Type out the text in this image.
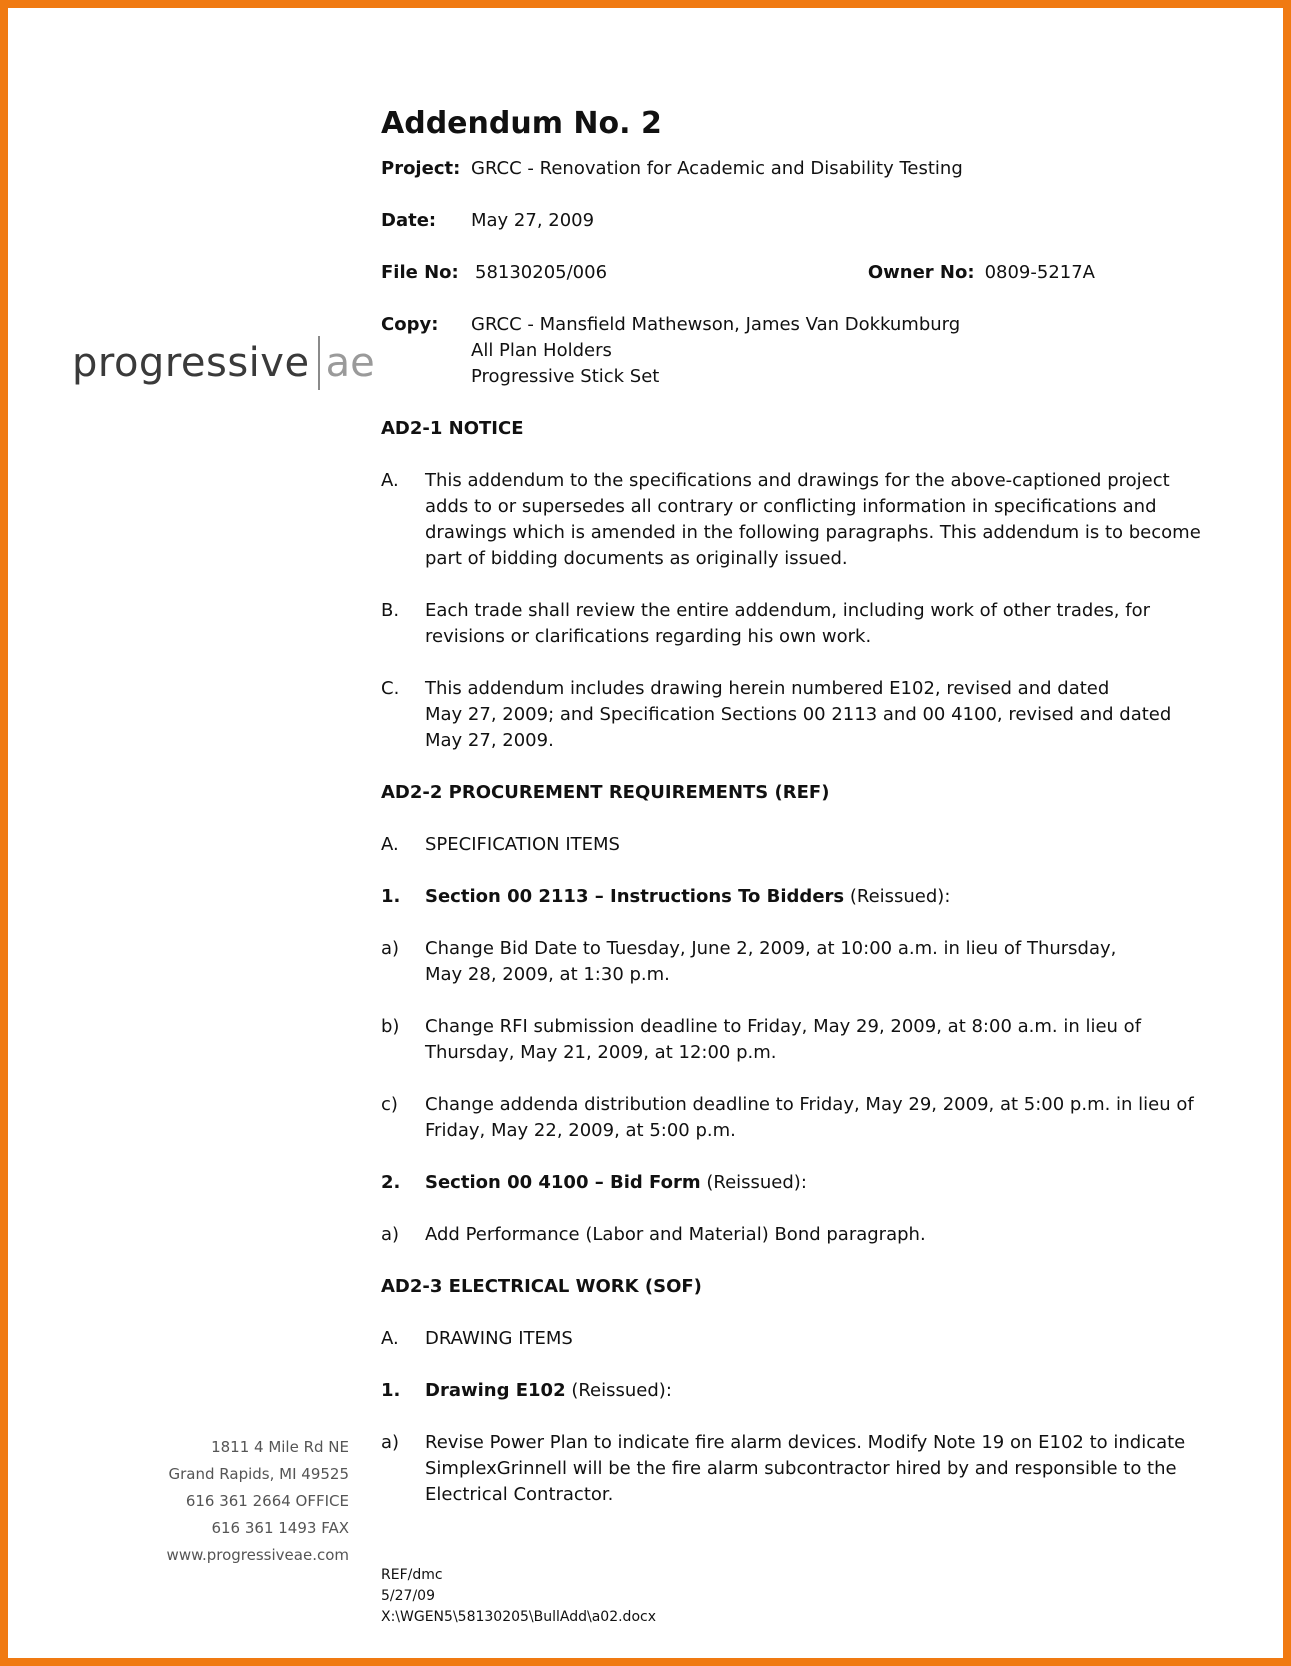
progressive ae
1811 4 Mile Rd NE
Grand Rapids, MI 49525
616 361 2664 OFFICE
616 361 1493 FAX
www.progressiveae.com
Addendum No. 2
Project: GRCC - Renovation for Academic and Disability Testing
Date:	May 27, 2009
File No: 58130205/006	Owner No: 0809-5217A
Copy:	GRCC - Mansfield Mathewson, James Van Dokkumburg
All Plan Holders
Progressive Stick Set
AD2-1 NOTICE
A.	This addendum to the specifications and drawings for the above-captioned project adds to or supersedes all contrary or conflicting information in specifications and drawings which is amended in the following paragraphs. This addendum is to become part of bidding documents as originally issued.
B.	Each trade shall review the entire addendum, including work of other trades, for revisions or clarifications regarding his own work.
C.	This addendum includes drawing herein numbered E102, revised and dated
May 27, 2009; and Specification Sections 00 2113 and 00 4100, revised and dated
May 27, 2009.
AD2-2 PROCUREMENT REQUIREMENTS (REF)
A.	SPECIFICATION ITEMS
1.	Section 00 2113 – Instructions To Bidders (Reissued):
a)	Change Bid Date to Tuesday, June 2, 2009, at 10:00 a.m. in lieu of Thursday,
May 28, 2009, at 1:30 p.m.
b)	Change RFI submission deadline to Friday, May 29, 2009, at 8:00 a.m. in lieu of
Thursday, May 21, 2009, at 12:00 p.m.
c)	Change addenda distribution deadline to Friday, May 29, 2009, at 5:00 p.m. in lieu of
Friday, May 22, 2009, at 5:00 p.m.
2.	Section 00 4100 – Bid Form (Reissued):
a)	Add Performance (Labor and Material) Bond paragraph.
AD2-3 ELECTRICAL WORK (SOF)
A.	DRAWING ITEMS
1.	Drawing E102 (Reissued):
a)	Revise Power Plan to indicate fire alarm devices. Modify Note 19 on E102 to indicate SimplexGrinnell will be the fire alarm subcontractor hired by and responsible to the Electrical Contractor.
REF/dmc
5/27/09
X:\WGEN5\58130205\BullAdd\a02.docx
